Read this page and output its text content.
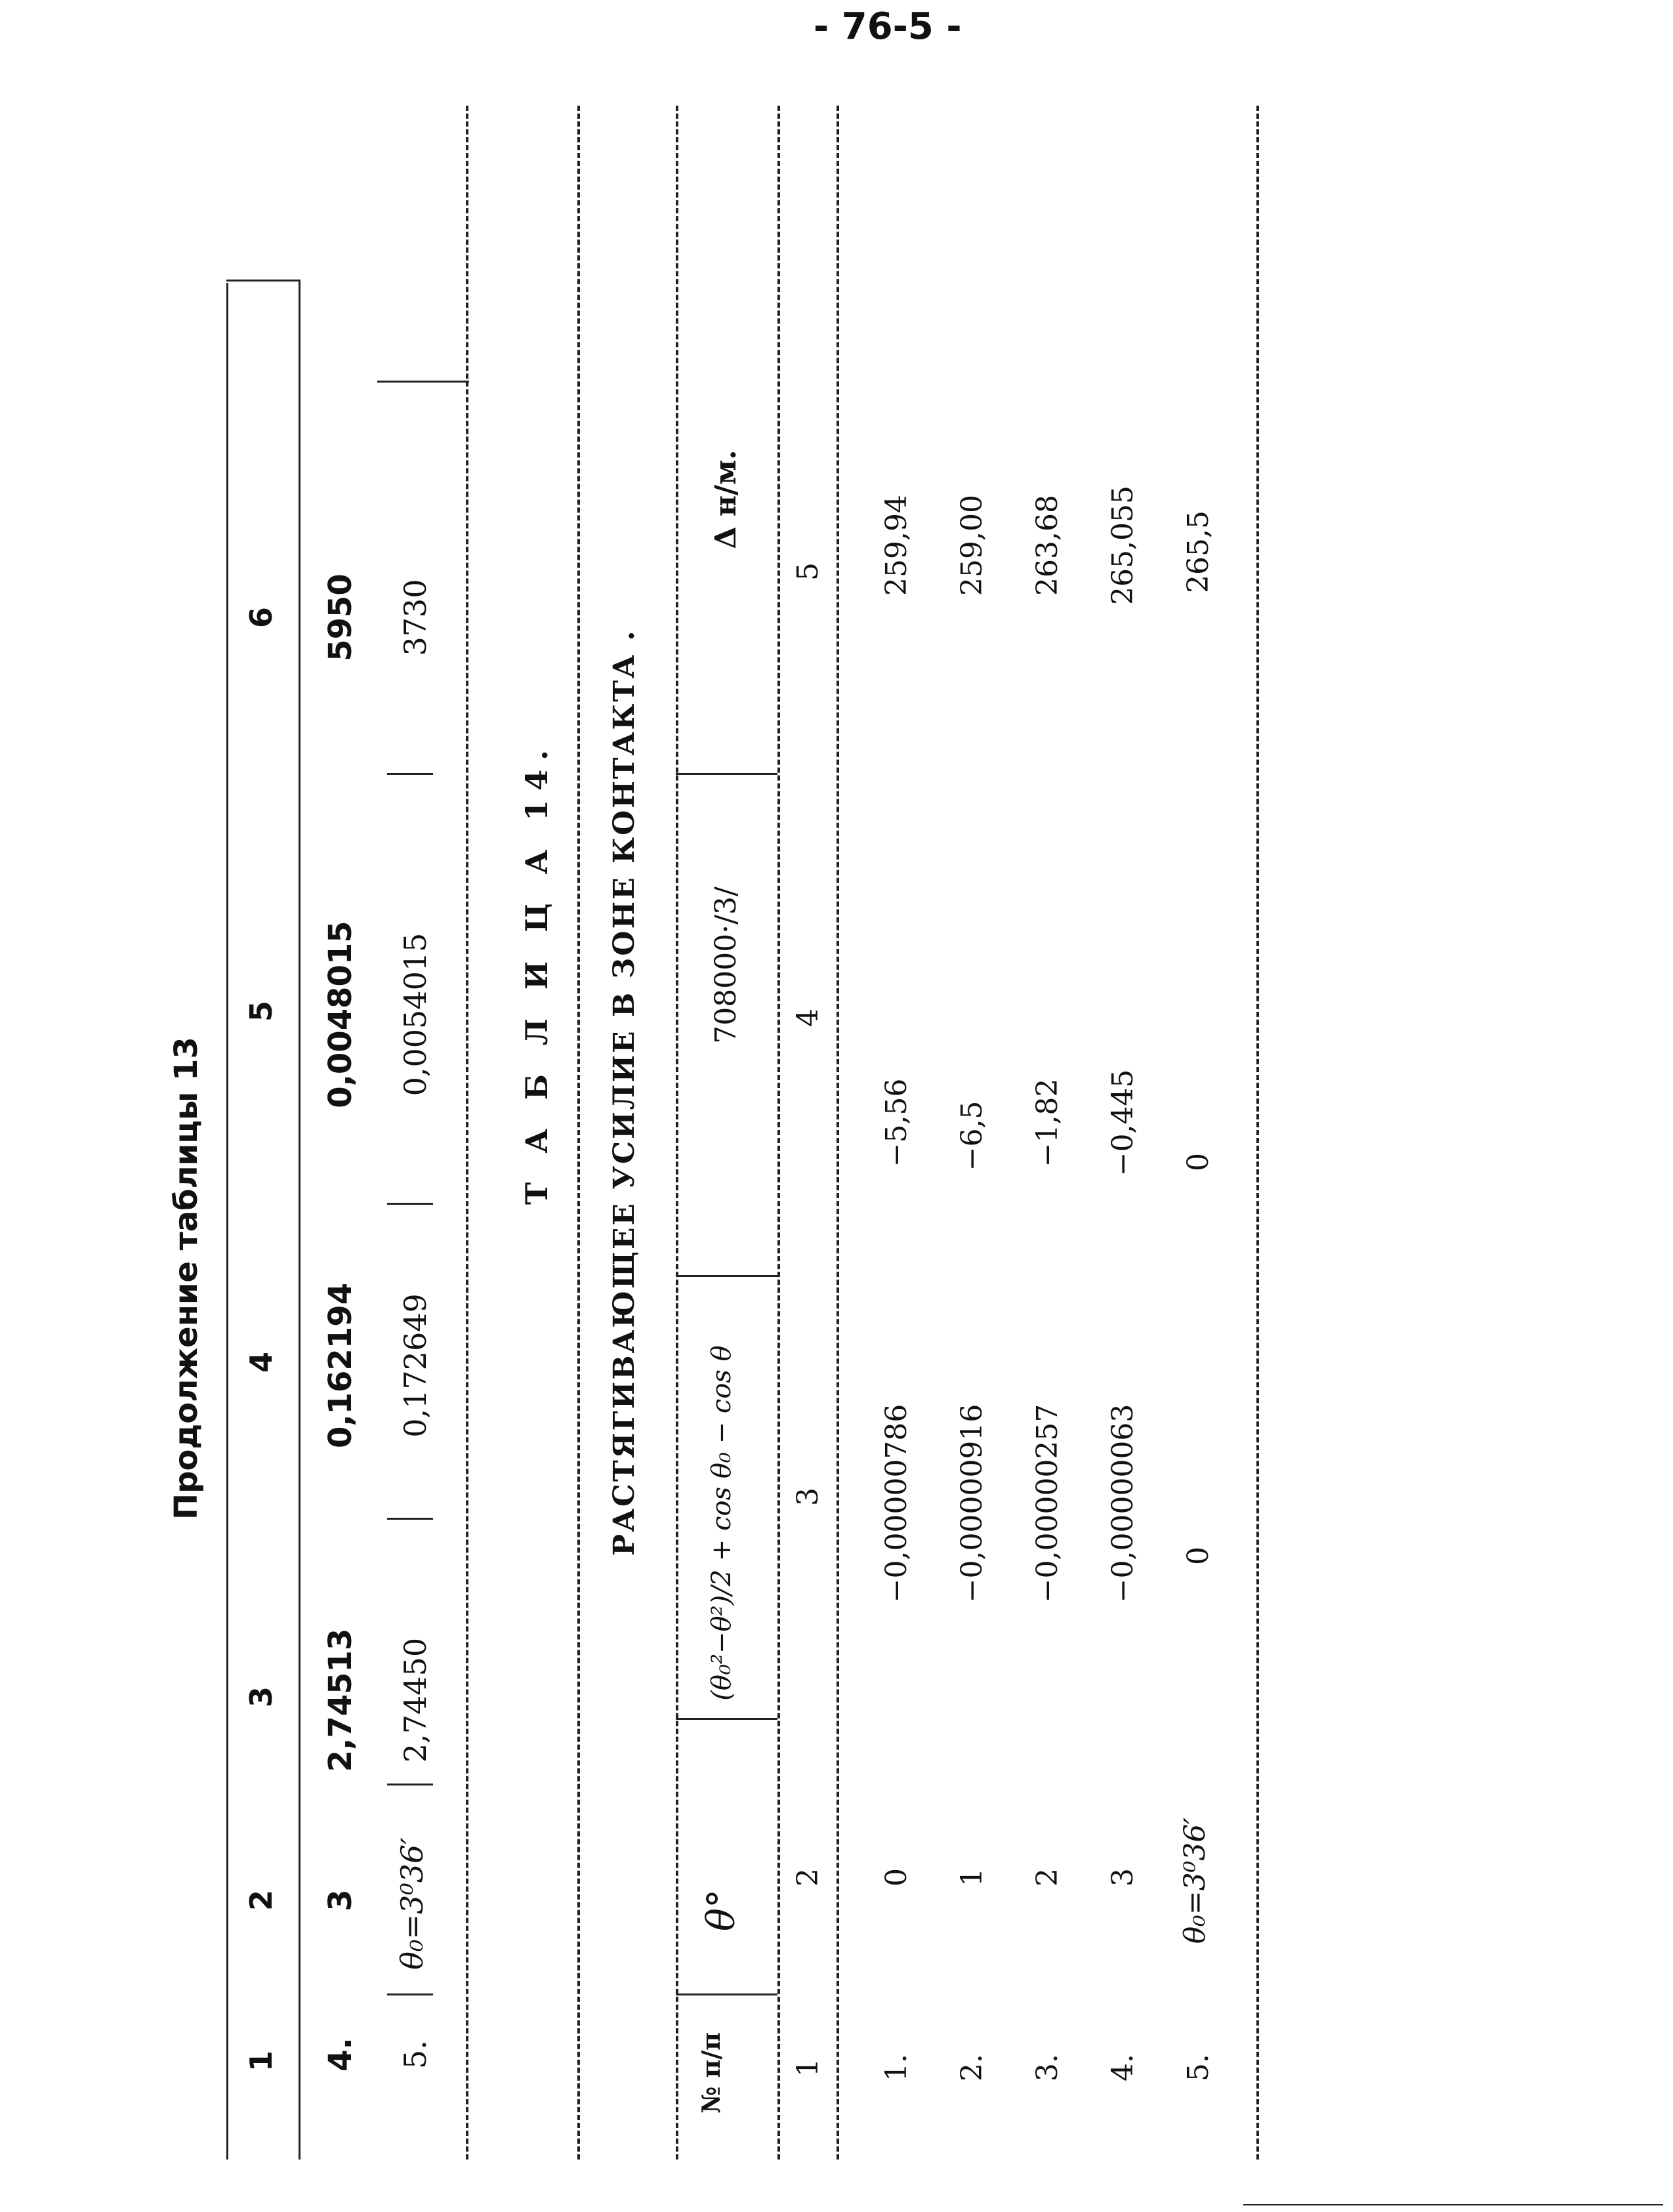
- 76-5 -
Продолжение таблицы 13
1
2
3
4
5
6
4.
3
2,74513
0,162194
0,0048015
5950
5.
θ₀=3⁰36′
2,74450
0,172649
0,0054015
3730
Т А Б Л И Ц А 14. РАСТЯГИВАЮЩЕЕ УСИЛИЕ В ЗОНЕ КОНТАКТА .
№ п/п
θ°
(θ₀²−θ²)/2 + cos θ₀ − cos θ
708000·/3/
Δ н/м.
1
2
3
4
5
1.
0
−0,00000786
−5,56
259,94
2.
1
−0,00000916
−6,5
259,00
3.
2
−0,00000257
−1,82
263,68
4.
3
−0,00000063
−0,445
265,055
5.
θ₀=3⁰36′
0
0
265,5
